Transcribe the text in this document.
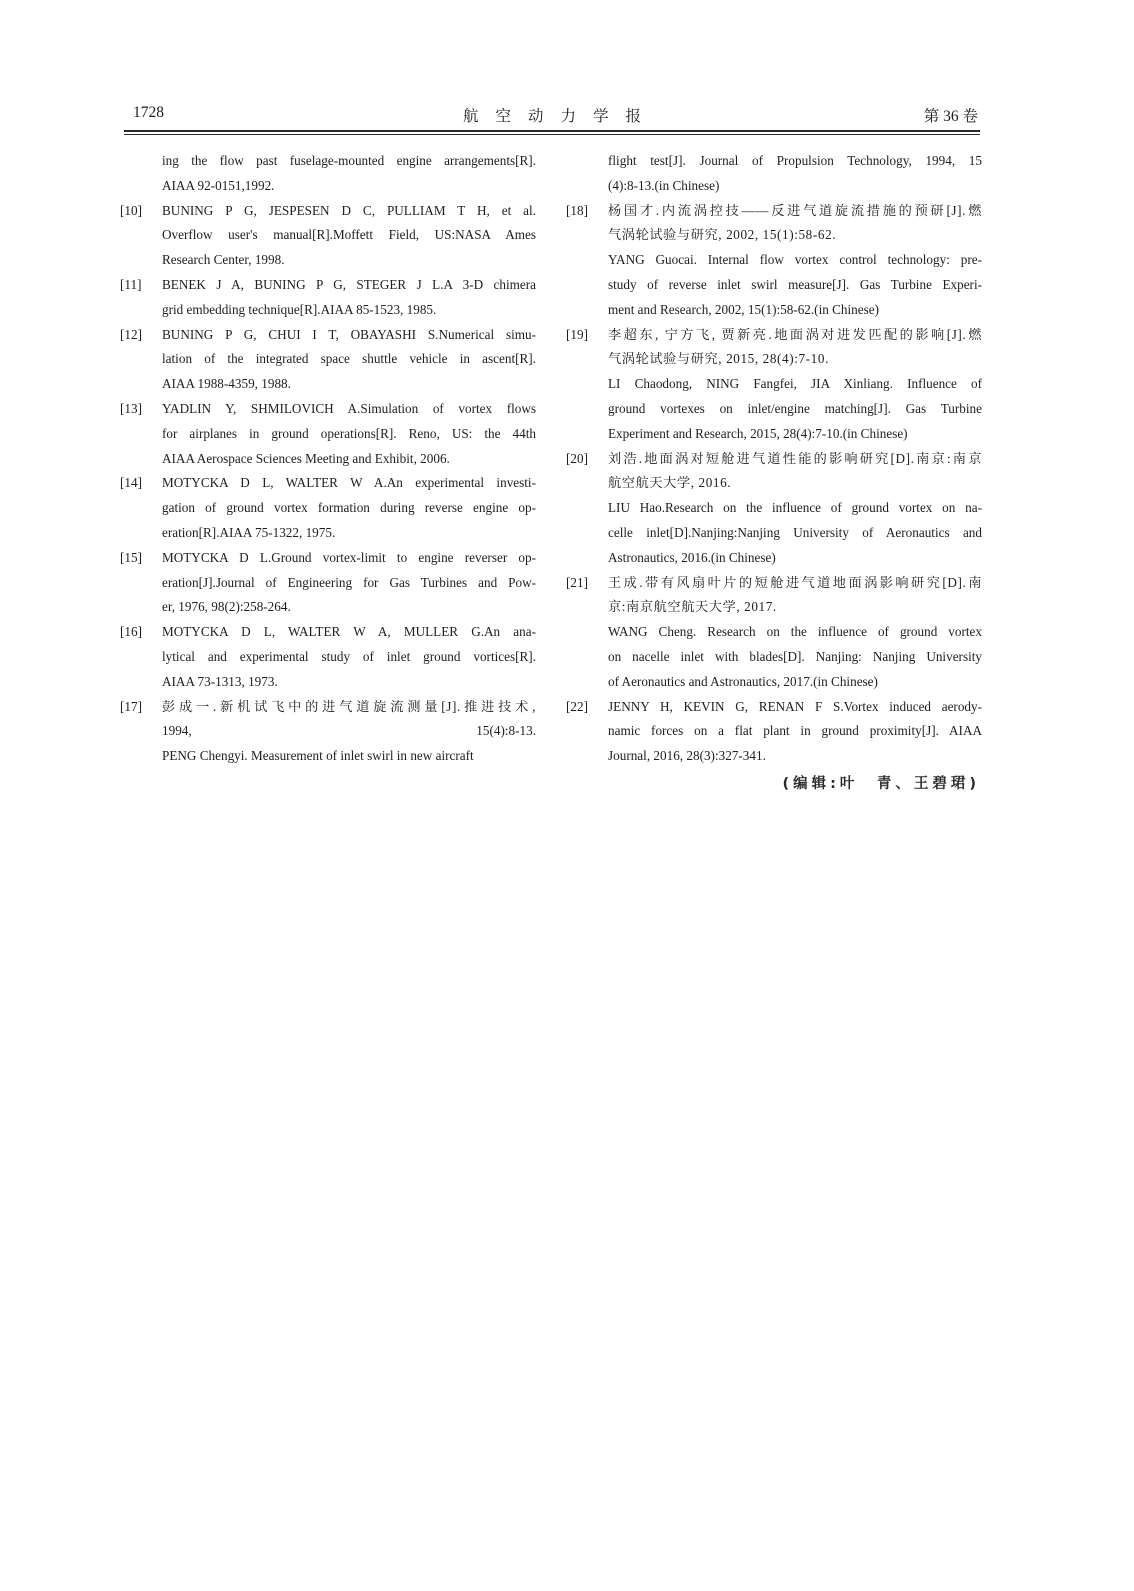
1728	航空动力学报	第 36 卷
ing the flow past fuselage-mounted engine arrangements[R].
AIAA 92-0151,1992.
[10] BUNING P G, JESPESEN D C, PULLIAM T H, et al.
Overflow user's manual[R].Moffett Field, US:NASA Ames
Research Center, 1998.
[11] BENEK J A, BUNING P G, STEGER J L.A 3-D chimera
grid embedding technique[R].AIAA 85-1523, 1985.
[12] BUNING P G, CHUI I T, OBAYASHI S.Numerical simu-
lation of the integrated space shuttle vehicle in ascent[R].
AIAA 1988-4359, 1988.
[13] YADLIN Y, SHMILOVICH A.Simulation of vortex flows
for airplanes in ground operations[R]. Reno, US: the 44th
AIAA Aerospace Sciences Meeting and Exhibit, 2006.
[14] MOTYCKA D L, WALTER W A.An experimental investi-
gation of ground vortex formation during reverse engine op-
eration[R].AIAA 75-1322, 1975.
[15] MOTYCKA D L.Ground vortex-limit to engine reverser op-
eration[J].Journal of Engineering for Gas Turbines and Pow-
er, 1976, 98(2):258-264.
[16] MOTYCKA D L, WALTER W A, MULLER G.An ana-
lytical and experimental study of inlet ground vortices[R].
AIAA 73-1313, 1973.
[17] 彭成一.新机试飞中的进气道旋流测量[J].推进技术,
1994, 15(4):8-13.
PENG Chengyi. Measurement of inlet swirl in new aircraft
flight test[J]. Journal of Propulsion Technology, 1994, 15
(4):8-13.(in Chinese)
[18] 杨国才.内流涡控技——反进气道旋流措施的预研[J].燃
气涡轮试验与研究, 2002, 15(1):58-62.
YANG Guocai. Internal flow vortex control technology: pre-
study of reverse inlet swirl measure[J]. Gas Turbine Experi-
ment and Research, 2002, 15(1):58-62.(in Chinese)
[19] 李超东, 宁方飞, 贾新亮.地面涡对进发匹配的影响[J].燃
气涡轮试验与研究, 2015, 28(4):7-10.
LI Chaodong, NING Fangfei, JIA Xinliang. Influence of
ground vortexes on inlet/engine matching[J]. Gas Turbine
Experiment and Research, 2015, 28(4):7-10.(in Chinese)
[20] 刘浩.地面涡对短舱进气道性能的影响研究[D].南京:南京
航空航天大学, 2016.
LIU Hao.Research on the influence of ground vortex on na-
celle inlet[D].Nanjing:Nanjing University of Aeronautics and
Astronautics, 2016.(in Chinese)
[21] 王成.带有风扇叶片的短舱进气道地面涡影响研究[D].南
京:南京航空航天大学, 2017.
WANG Cheng. Research on the influence of ground vortex
on nacelle inlet with blades[D]. Nanjing: Nanjing University
of Aeronautics and Astronautics, 2017.(in Chinese)
[22] JENNY H, KEVIN G, RENAN F S.Vortex induced aerody-
namic forces on a flat plant in ground proximity[J]. AIAA
Journal, 2016, 28(3):327-341.
(编辑:叶　青、王碧珺)
